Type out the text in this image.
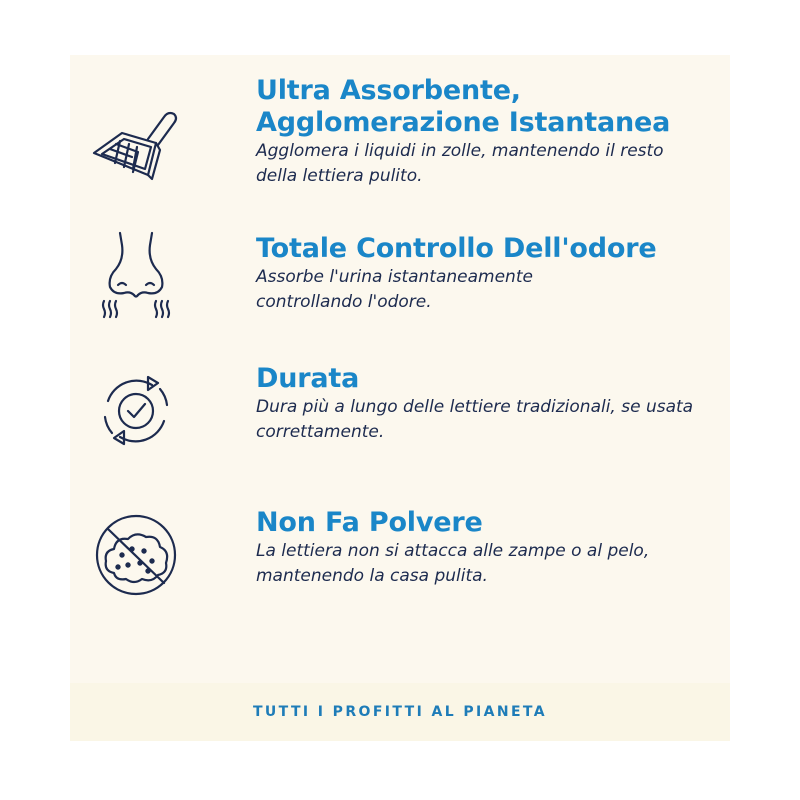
Ultra Assorbente,
Agglomerazione Istantanea

Agglomera i liquidi in zolle, mantenendo il resto
della lettiera pulito.

Totale Controllo Dell'odore

Assorbe l'urina istantaneamente
controllando l'odore.

Durata

Dura più a lungo delle lettiere tradizionali, se usata
correttamente.

Non Fa Polvere

La lettiera non si attacca alle zampe o al pelo,
mantenendo la casa pulita.

TUTTI I PROFITTI AL PIANETA
